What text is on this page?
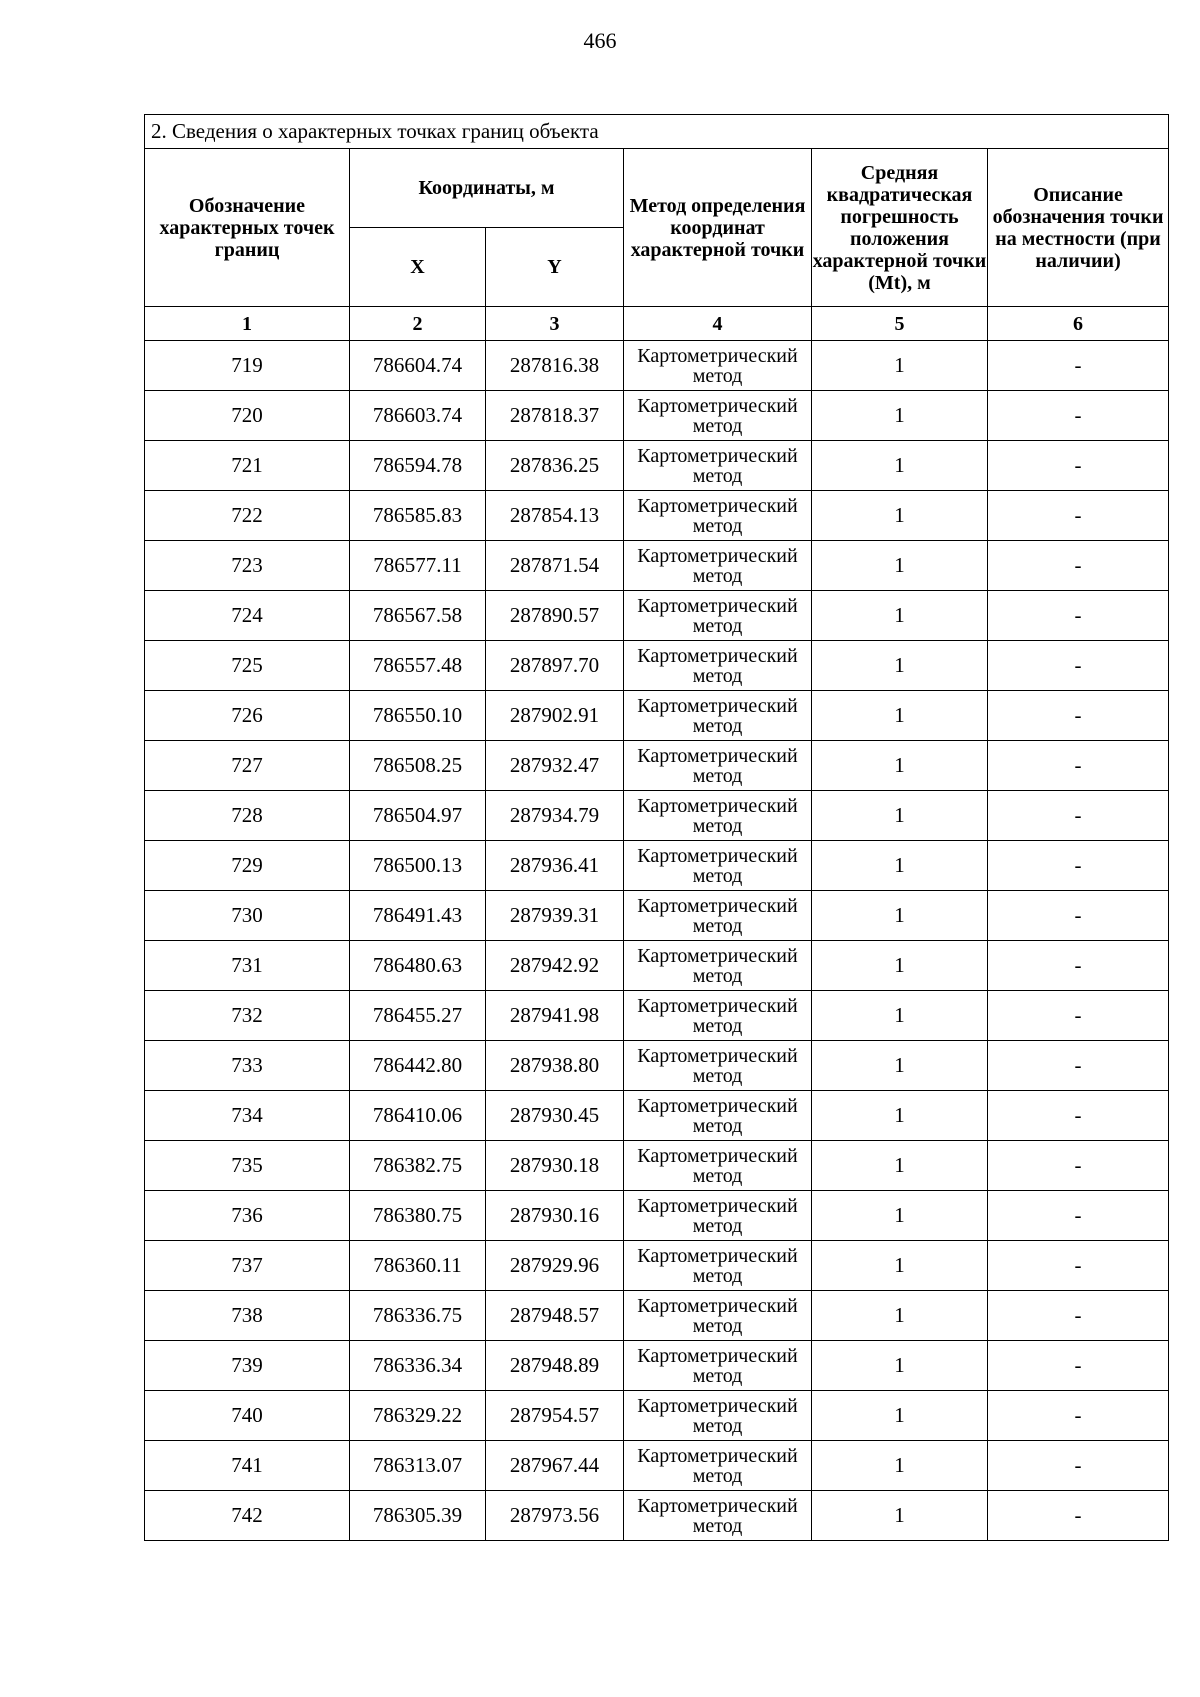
466
2. Сведения о характерных точках границ объекта					
Обозначение характерных точек границ	Координаты, м		Метод определения координат характерной точки	Средняя квадратическая погрешность положения характерной точки (Mt), м	Описание обозначения точки на местности (при наличии)
	X	Y			
1	2	3	4	5	6
719	786604.74	287816.38	Картометрический метод	1	-
720	786603.74	287818.37	Картометрический метод	1	-
721	786594.78	287836.25	Картометрический метод	1	-
722	786585.83	287854.13	Картометрический метод	1	-
723	786577.11	287871.54	Картометрический метод	1	-
724	786567.58	287890.57	Картометрический метод	1	-
725	786557.48	287897.70	Картометрический метод	1	-
726	786550.10	287902.91	Картометрический метод	1	-
727	786508.25	287932.47	Картометрический метод	1	-
728	786504.97	287934.79	Картометрический метод	1	-
729	786500.13	287936.41	Картометрический метод	1	-
730	786491.43	287939.31	Картометрический метод	1	-
731	786480.63	287942.92	Картометрический метод	1	-
732	786455.27	287941.98	Картометрический метод	1	-
733	786442.80	287938.80	Картометрический метод	1	-
734	786410.06	287930.45	Картометрический метод	1	-
735	786382.75	287930.18	Картометрический метод	1	-
736	786380.75	287930.16	Картометрический метод	1	-
737	786360.11	287929.96	Картометрический метод	1	-
738	786336.75	287948.57	Картометрический метод	1	-
739	786336.34	287948.89	Картометрический метод	1	-
740	786329.22	287954.57	Картометрический метод	1	-
741	786313.07	287967.44	Картометрический метод	1	-
742	786305.39	287973.56	Картометрический метод	1	-
